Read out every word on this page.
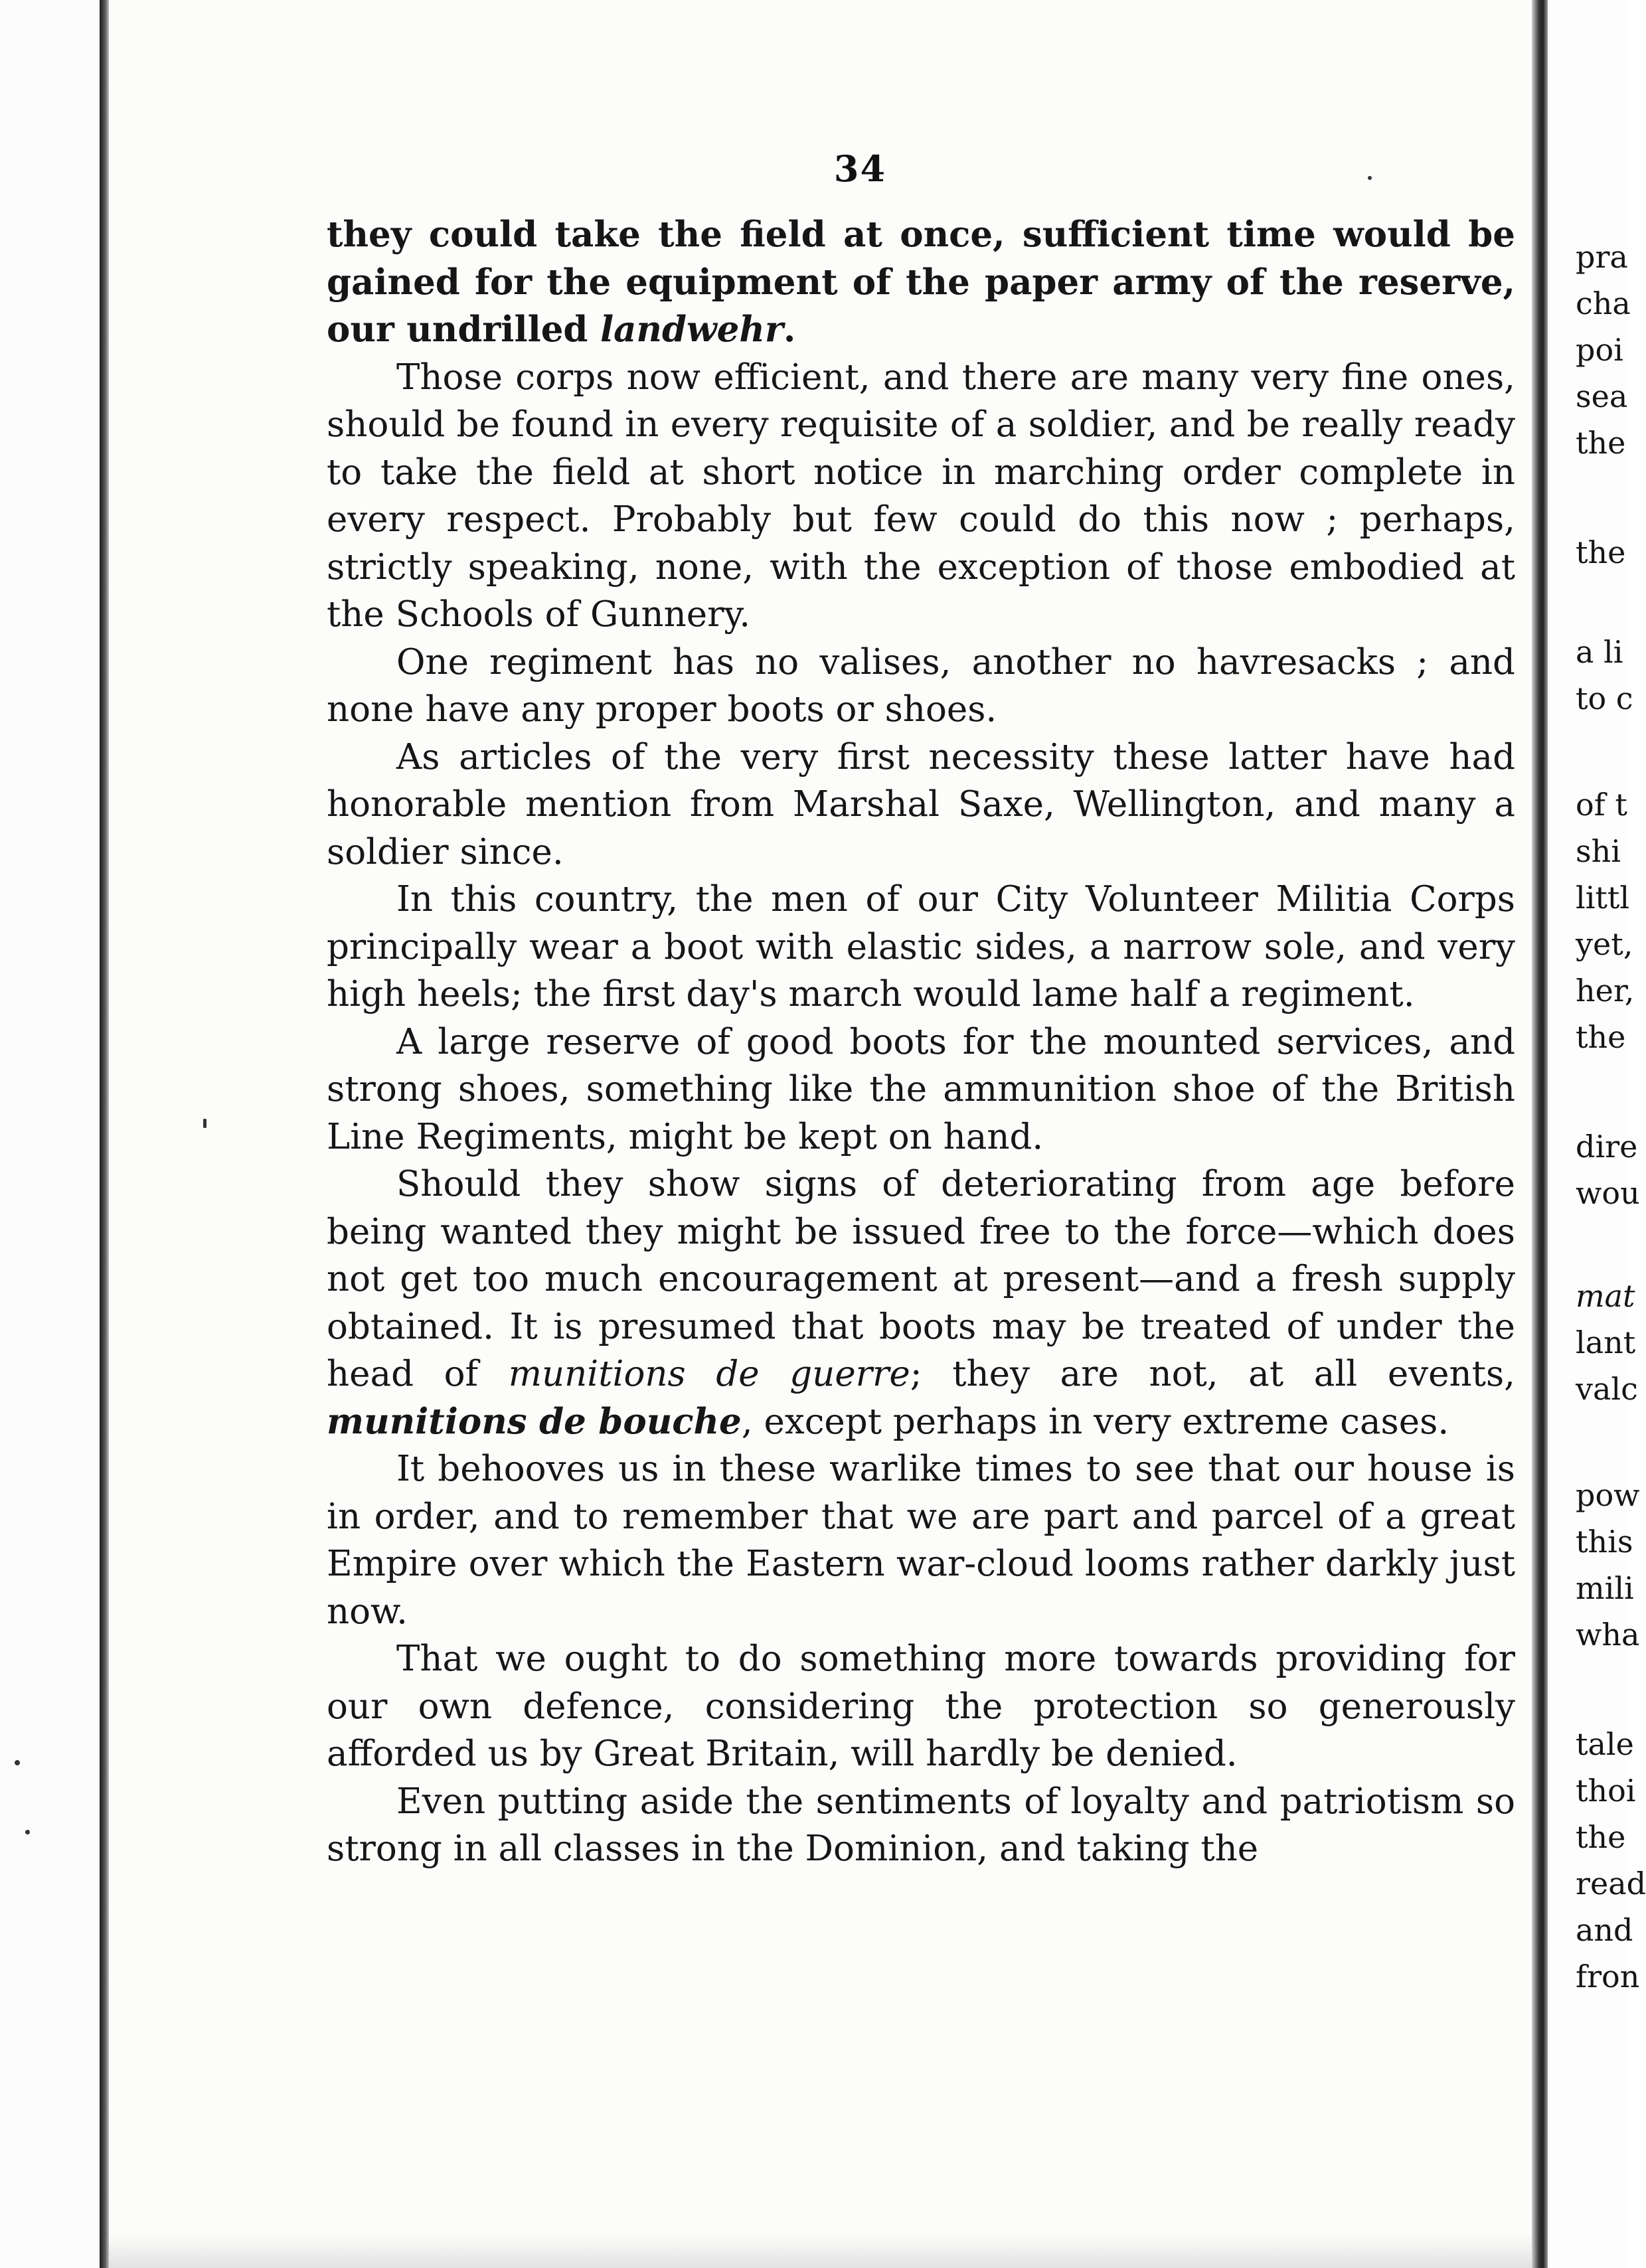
34

they could take the field at once, sufficient time would be gained for the equipment of the paper army of the reserve, our undrilled landwehr.

Those corps now efficient, and there are many very fine ones, should be found in every requisite of a soldier, and be really ready to take the field at short notice in marching order complete in every respect. Probably but few could do this now ; perhaps, strictly speaking, none, with the exception of those embodied at the Schools of Gunnery.

One regiment has no valises, another no havresacks ; and none have any proper boots or shoes.

As articles of the very first necessity these latter have had honorable mention from Marshal Saxe, Wellington, and many a soldier since.

In this country, the men of our City Volunteer Militia Corps principally wear a boot with elastic sides, a narrow sole, and very high heels; the first day's march would lame half a regiment.

A large reserve of good boots for the mounted services, and strong shoes, something like the ammunition shoe of the British Line Regiments, might be kept on hand.

Should they show signs of deteriorating from age before being wanted they might be issued free to the force—which does not get too much encouragement at present—and a fresh supply obtained. It is presumed that boots may be treated of under the head of munitions de guerre; they are not, at all events, munitions de bouche, except perhaps in very extreme cases.

It behooves us in these warlike times to see that our house is in order, and to remember that we are part and parcel of a great Empire over which the Eastern war-cloud looms rather darkly just now.

That we ought to do something more towards providing for our own defence, considering the protection so generously afforded us by Great Britain, will hardly be denied.

Even putting aside the sentiments of loyalty and patriotism so strong in all classes in the Dominion, and taking the

pra
cha
poi
sea
the
the
a li
to c
of t
shi
littl
yet,
her,
the
dire
wou
mat
lant
valc
pow
this
mili
wha
tale
thoi
the
read
and
fron
